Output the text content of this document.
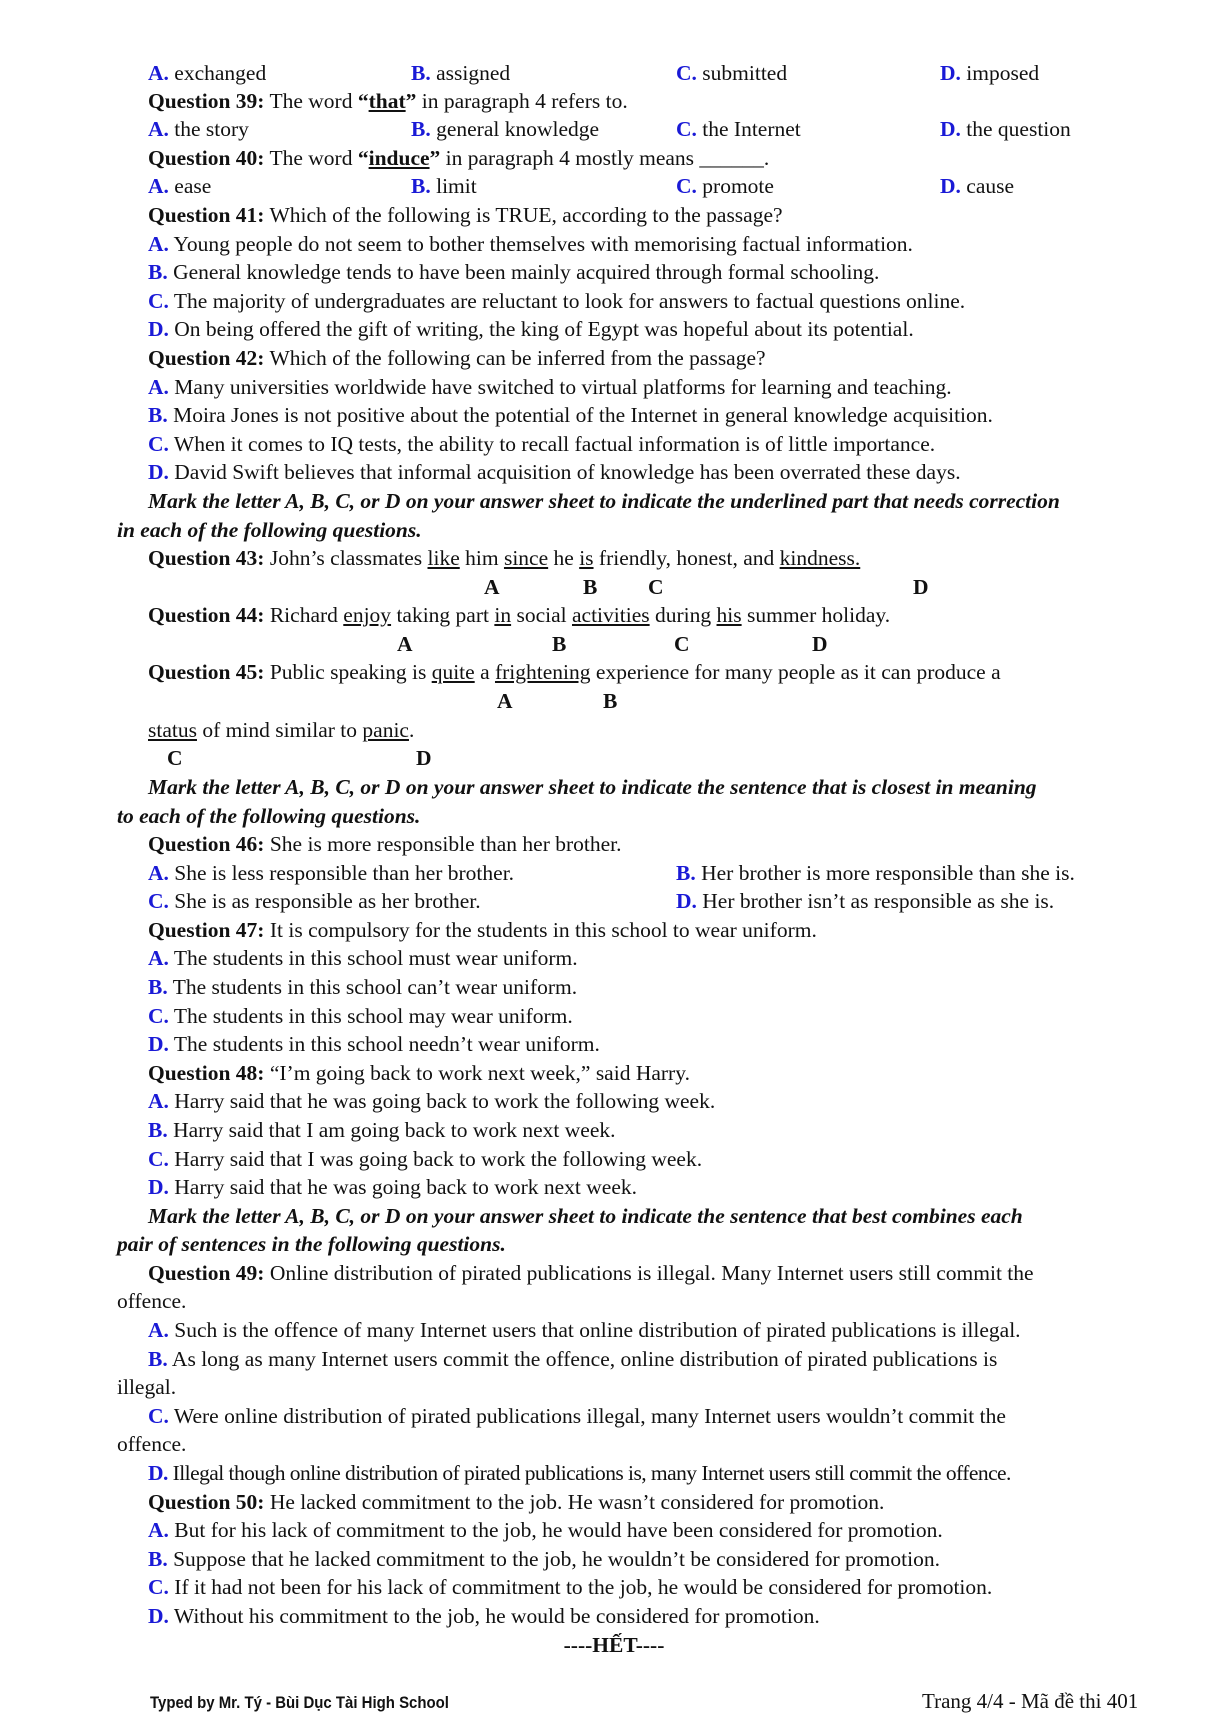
A. exchanged	B. assigned	C. submitted	D. imposed
Question 39: The word “that” in paragraph 4 refers to.
A. the story	B. general knowledge	C. the Internet	D. the question
Question 40: The word “induce” in paragraph 4 mostly means ______.
A. ease	B. limit	C. promote	D. cause
Question 41: Which of the following is TRUE, according to the passage?
A. Young people do not seem to bother themselves with memorising factual information.
B. General knowledge tends to have been mainly acquired through formal schooling.
C. The majority of undergraduates are reluctant to look for answers to factual questions online.
D. On being offered the gift of writing, the king of Egypt was hopeful about its potential.
Question 42: Which of the following can be inferred from the passage?
A. Many universities worldwide have switched to virtual platforms for learning and teaching.
B. Moira Jones is not positive about the potential of the Internet in general knowledge acquisition.
C. When it comes to IQ tests, the ability to recall factual information is of little importance.
D. David Swift believes that informal acquisition of knowledge has been overrated these days.
Mark the letter A, B, C, or D on your answer sheet to indicate the underlined part that needs correction
in each of the following questions.
Question 43: John’s classmates like him since he is friendly, honest, and kindness.
A	B C	D
Question 44: Richard enjoy taking part in social activities during his summer holiday.
A	B	C	D
Question 45: Public speaking is quite a frightening experience for many people as it can produce a
A	B
status of mind similar to panic.
C	D
Mark the letter A, B, C, or D on your answer sheet to indicate the sentence that is closest in meaning
to each of the following questions.
Question 46: She is more responsible than her brother.
A. She is less responsible than her brother.	B. Her brother is more responsible than she is.
C. She is as responsible as her brother.	D. Her brother isn’t as responsible as she is.
Question 47: It is compulsory for the students in this school to wear uniform.
A. The students in this school must wear uniform.
B. The students in this school can’t wear uniform.
C. The students in this school may wear uniform.
D. The students in this school needn’t wear uniform.
Question 48: “I’m going back to work next week,” said Harry.
A. Harry said that he was going back to work the following week.
B. Harry said that I am going back to work next week.
C. Harry said that I was going back to work the following week.
D. Harry said that he was going back to work next week.
Mark the letter A, B, C, or D on your answer sheet to indicate the sentence that best combines each
pair of sentences in the following questions.
Question 49: Online distribution of pirated publications is illegal. Many Internet users still commit the
offence.
A. Such is the offence of many Internet users that online distribution of pirated publications is illegal.
B. As long as many Internet users commit the offence, online distribution of pirated publications is
illegal.
C. Were online distribution of pirated publications illegal, many Internet users wouldn’t commit the
offence.
D. Illegal though online distribution of pirated publications is, many Internet users still commit the offence.
Question 50: He lacked commitment to the job. He wasn’t considered for promotion.
A. But for his lack of commitment to the job, he would have been considered for promotion.
B. Suppose that he lacked commitment to the job, he wouldn’t be considered for promotion.
C. If it had not been for his lack of commitment to the job, he would be considered for promotion.
D. Without his commitment to the job, he would be considered for promotion.
----HẾT----
Typed by Mr. Tý - Bùi Dục Tài High School	Trang 4/4 - Mã đề thi 401
